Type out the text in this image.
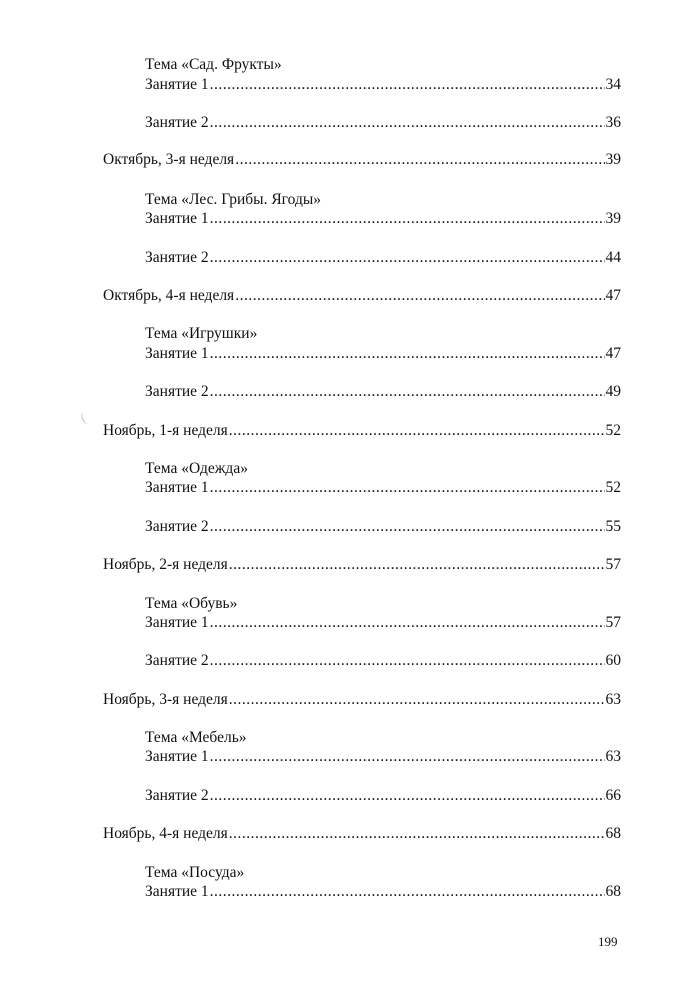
Тема «Сад. Фрукты»
Занятие 1 .....	34
Занятие 2 .....	36
Октябрь, 3-я неделя .....	39
Тема «Лес. Грибы. Ягоды»
Занятие 1 .....	39
Занятие 2 .....	44
Октябрь, 4-я неделя .....	47
Тема «Игрушки»
Занятие 1 .....	47
Занятие 2 .....	49
Ноябрь, 1-я неделя .....	52
Тема «Одежда»
Занятие 1 .....	52
Занятие 2 .....	55
Ноябрь, 2-я неделя .....	57
Тема «Обувь»
Занятие 1 .....	57
Занятие 2 .....	60
Ноябрь, 3-я неделя .....	63
Тема «Мебель»
Занятие 1 .....	63
Занятие 2 .....	66
Ноябрь, 4-я неделя .....	68
Тема «Посуда»
Занятие 1 .....	68
199
